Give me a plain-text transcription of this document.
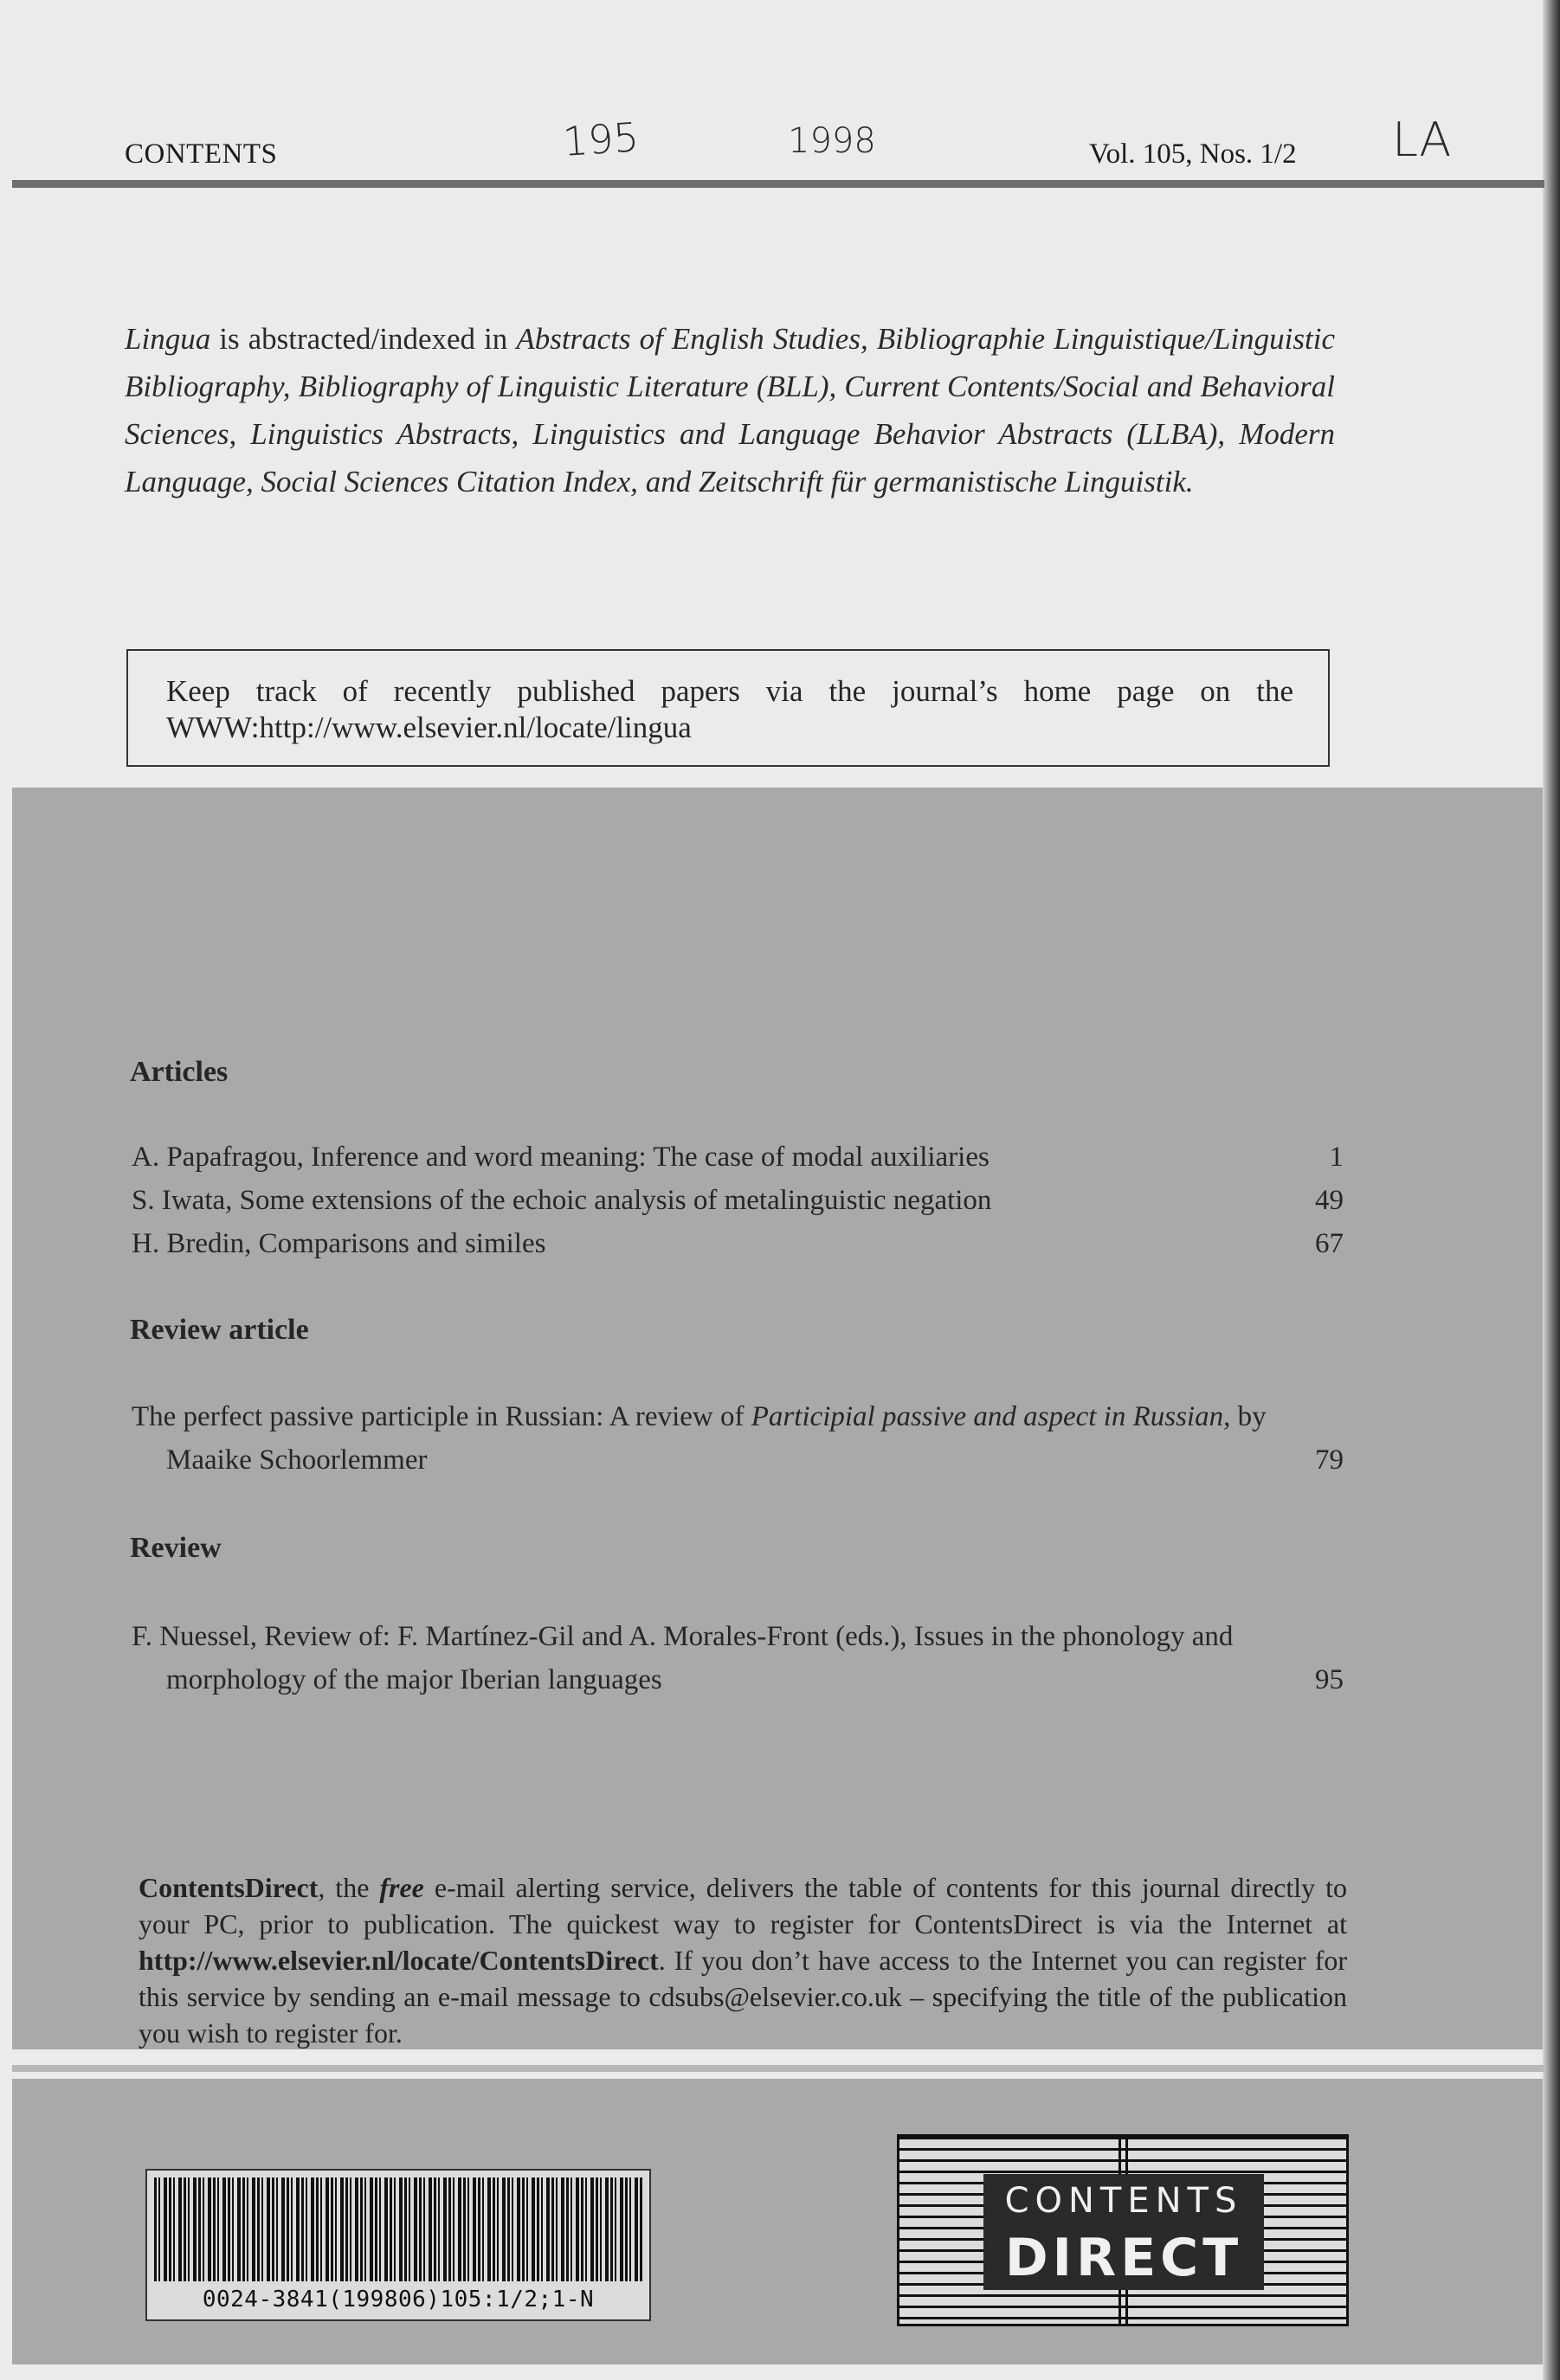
CONTENTS	195	1998	Vol. 105, Nos. 1/2 LA
Lingua is abstracted/indexed in Abstracts of English Studies, Bibliographie Linguistique/Linguistic Bibliography, Bibliography of Linguistic Literature (BLL), Current Contents/Social and Behavioral Sciences, Linguistics Abstracts, Linguistics and Language Behavior Abstracts (LLBA), Modern Language, Social Sciences Citation Index, and Zeitschrift für germanistische Linguistik.
Keep track of recently published papers via the journal’s home page on the WWW:http://www.elsevier.nl/locate/lingua
Articles
A. Papafragou, Inference and word meaning: The case of modal auxiliaries	1
S. Iwata, Some extensions of the echoic analysis of metalinguistic negation	49
H. Bredin, Comparisons and similes	67
Review article
The perfect passive participle in Russian: A review of Participial passive and aspect in Russian, by Maaike Schoorlemmer	79
Review
F. Nuessel, Review of: F. Martínez-Gil and A. Morales-Front (eds.), Issues in the phonology and morphology of the major Iberian languages	95
ContentsDirect, the free e-mail alerting service, delivers the table of contents for this journal directly to your PC, prior to publication. The quickest way to register for ContentsDirect is via the Internet at http://www.elsevier.nl/locate/ContentsDirect. If you don’t have access to the Internet you can register for this service by sending an e-mail message to cdsubs@elsevier.co.uk – specifying the title of the publication you wish to register for.
0024-3841(199806)105:1/2;1-N
CONTENTS
DIRECT
